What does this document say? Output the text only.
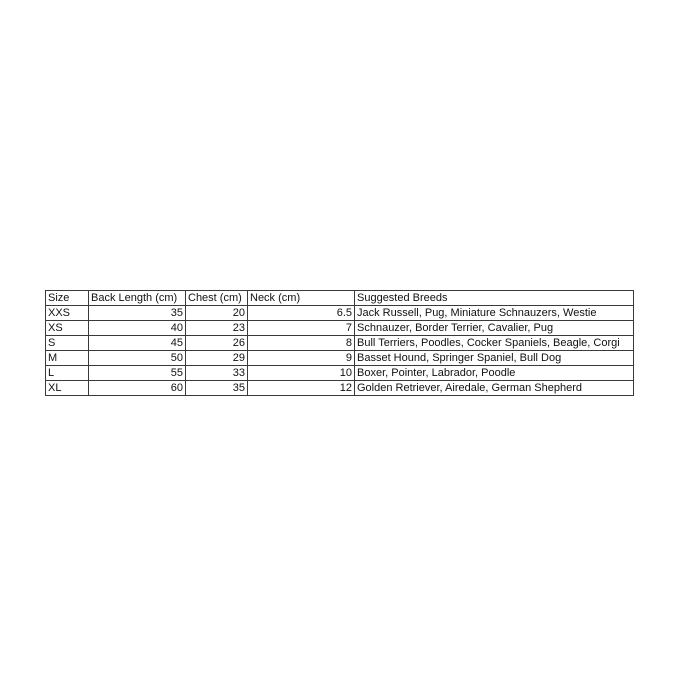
Size	Back Length (cm)	Chest (cm)	Neck (cm)	Suggested Breeds
XXS	35	20	6.5	Jack Russell, Pug, Miniature Schnauzers, Westie
XS	40	23	7	Schnauzer, Border Terrier, Cavalier, Pug
S	45	26	8	Bull Terriers, Poodles, Cocker Spaniels, Beagle, Corgi
M	50	29	9	Basset Hound, Springer Spaniel, Bull Dog
L	55	33	10	Boxer, Pointer, Labrador, Poodle
XL	60	35	12	Golden Retriever, Airedale, German Shepherd
